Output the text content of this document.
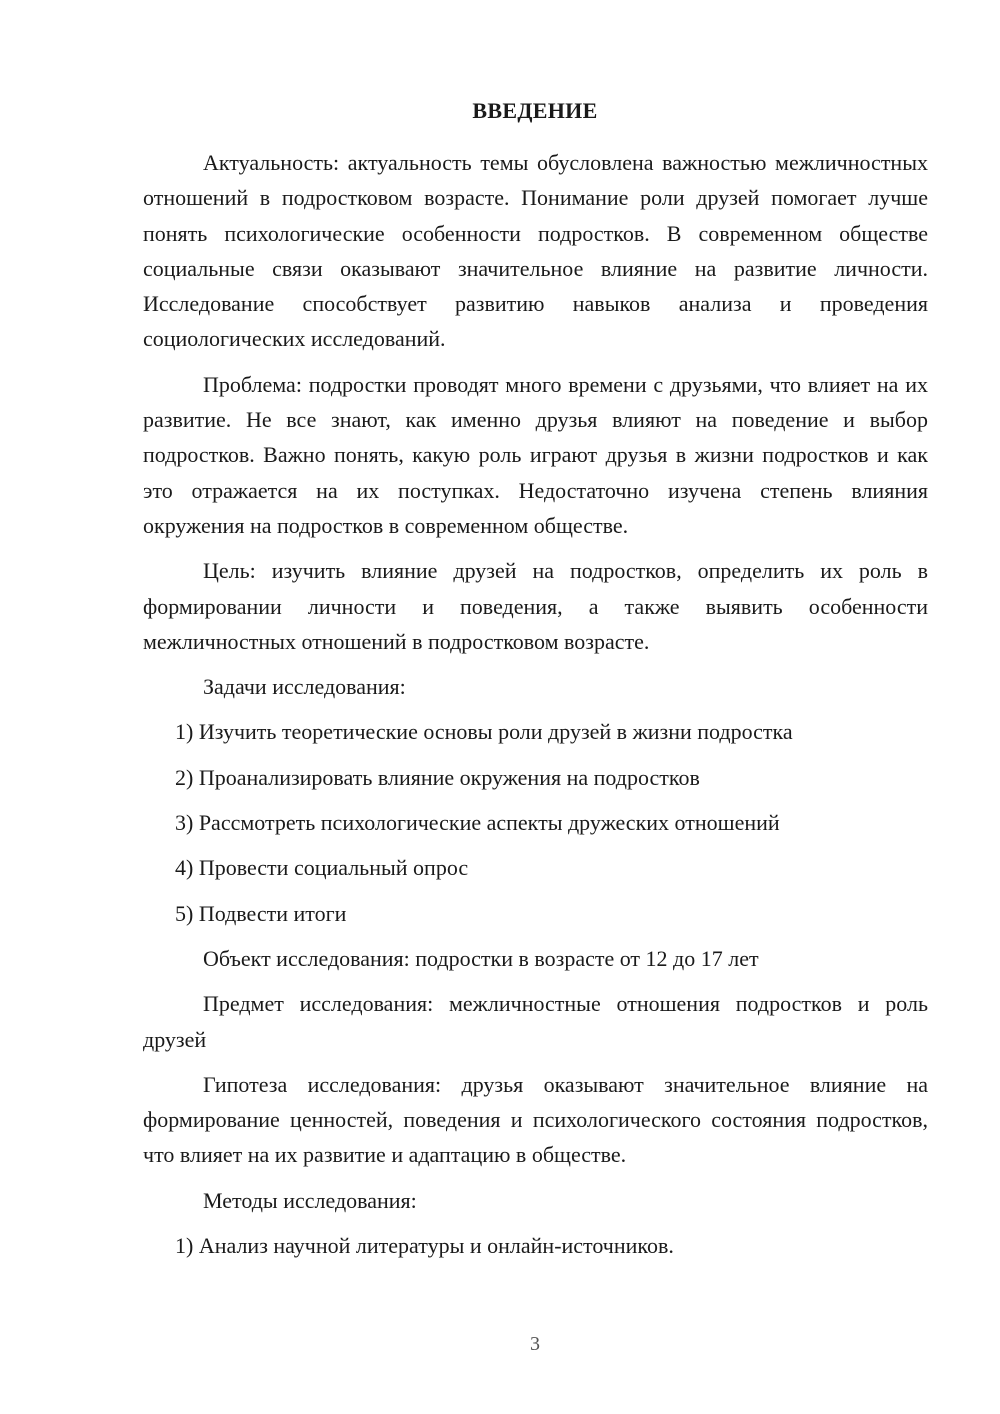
ВВЕДЕНИЕ

Актуальность: актуальность темы обусловлена важностью межличностных отношений в подростковом возрасте. Понимание роли друзей помогает лучше понять психологические особенности подростков. В современном обществе социальные связи оказывают значительное влияние на развитие личности. Исследование способствует развитию навыков анализа и проведения социологических исследований.

Проблема: подростки проводят много времени с друзьями, что влияет на их развитие. Не все знают, как именно друзья влияют на поведение и выбор подростков. Важно понять, какую роль играют друзья в жизни подростков и как это отражается на их поступках. Недостаточно изучена степень влияния окружения на подростков в современном обществе.

Цель: изучить влияние друзей на подростков, определить их роль в формировании личности и поведения, а также выявить особенности межличностных отношений в подростковом возрасте.

Задачи исследования:

1) Изучить теоретические основы роли друзей в жизни подростка
2) Проанализировать влияние окружения на подростков
3) Рассмотреть психологические аспекты дружеских отношений
4) Провести социальный опрос
5) Подвести итоги

Объект исследования: подростки в возрасте от 12 до 17 лет

Предмет исследования: межличностные отношения подростков и роль друзей

Гипотеза исследования: друзья оказывают значительное влияние на формирование ценностей, поведения и психологического состояния подростков, что влияет на их развитие и адаптацию в обществе.

Методы исследования:

1) Анализ научной литературы и онлайн-источников.
3
